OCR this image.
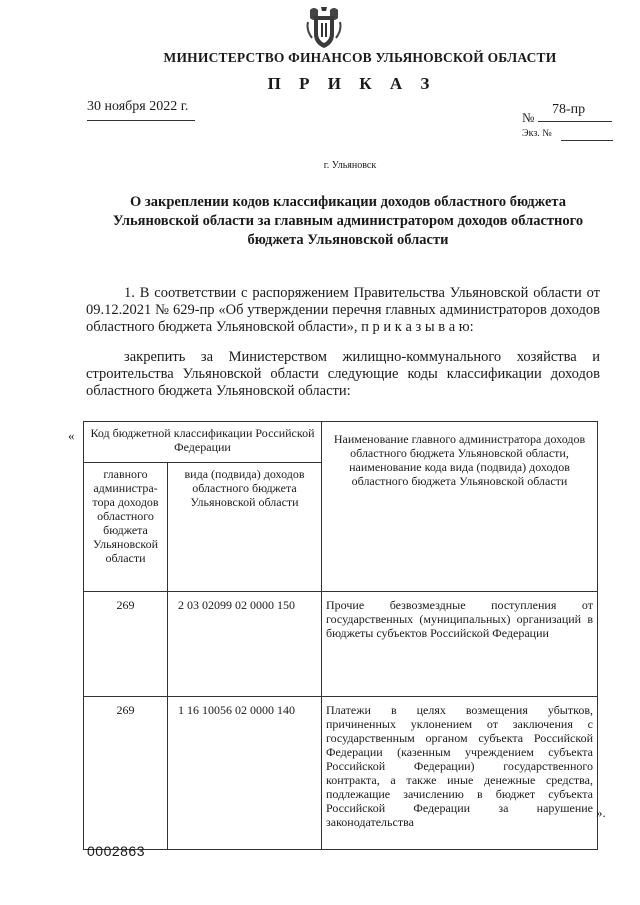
МИНИСТЕРСТВО ФИНАНСОВ УЛЬЯНОВСКОЙ ОБЛАСТИ
П Р И К А З
30 ноября 2022 г.
№
78-пр
Экз. №
г. Ульяновск
О закреплении кодов классификации доходов областного бюджета Ульяновской области за главным администратором доходов областного бюджета Ульяновской области
1. В соответствии с распоряжением Правительства Ульяновской области от 09.12.2021 № 629-пр «Об утверждении перечня главных администраторов доходов областного бюджета Ульяновской области», п р и к а з ы в а ю:
закрепить за Министерством жилищно-коммунального хозяйства и строительства Ульяновской области следующие коды классификации доходов областного бюджета Ульяновской области:
« Код бюджетной классификации Российской Федерации		Наименование главного администратора доходов областного бюджета Ульяновской области, наименование кода вида (подвида) доходов областного бюджета Ульяновской области
главного администра-тора доходов областного бюджета Ульяновской области	вида (подвида) доходов областного бюджета Ульяновской области	
269	2 03 02099 02 0000 150	Прочие безвозмездные поступления от государственных (муниципальных) организаций в бюджеты субъектов Российской Федерации
269	1 16 10056 02 0000 140	Платежи в целях возмещения убытков, причиненных уклонением от заключения с государственным органом субъекта Российской Федерации (казенным учреждением субъекта Российской Федерации) государственного контракта, а также иные денежные средства, подлежащие зачислению в бюджет субъекта Российской Федерации за нарушение законодательства
».
0002863
